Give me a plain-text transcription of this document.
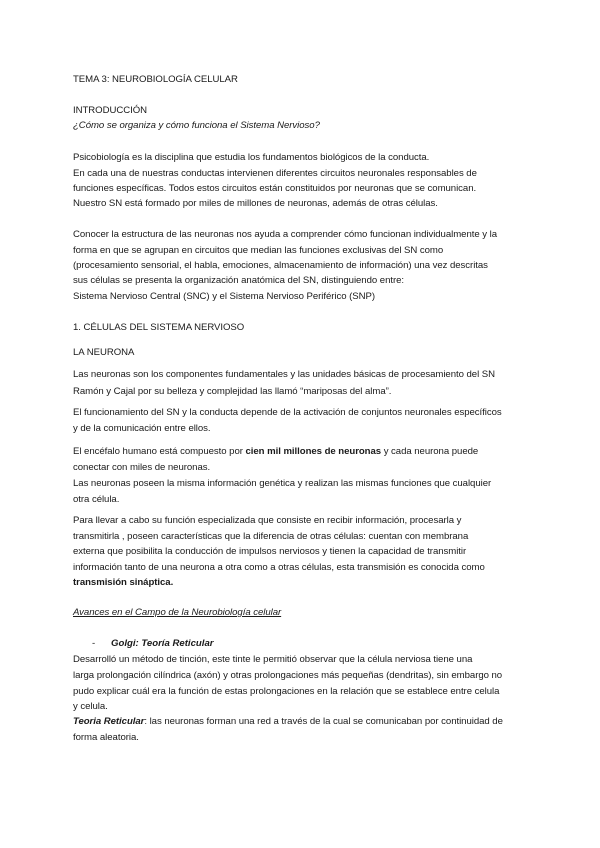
TEMA 3: NEUROBIOLOGÍA CELULAR
INTRODUCCIÓN
¿Cómo se organiza y cómo funciona el Sistema Nervioso?
Psicobiología es la disciplina que estudia los fundamentos biológicos de la conducta.
En cada una de nuestras conductas intervienen diferentes circuitos neuronales responsables de
funciones específicas. Todos estos circuitos están constituidos por neuronas que se comunican.
Nuestro SN está formado por miles de millones de neuronas, además de otras células.
Conocer la estructura de las neuronas nos ayuda a comprender cómo funcionan individualmente y la
forma en que se agrupan en circuitos que median las funciones exclusivas del SN como
(procesamiento sensorial, el habla, emociones, almacenamiento de información) una vez descritas
sus células se presenta la organización anatómica del SN, distinguiendo entre:
Sistema Nervioso Central (SNC) y el Sistema Nervioso Periférico (SNP)
1. CÉLULAS DEL SISTEMA NERVIOSO
LA NEURONA
Las neuronas son los componentes fundamentales y las unidades básicas de procesamiento del SN
Ramón y Cajal por su belleza y complejidad las llamó “mariposas del alma”.
El funcionamiento del SN y la conducta depende de la activación de conjuntos neuronales específicos
y de la comunicación entre ellos.
El encéfalo humano está compuesto por cien mil millones de neuronas y cada neurona puede
conectar con miles de neuronas.
Las neuronas poseen la misma información genética y realizan las mismas funciones que cualquier
otra célula.
Para llevar a cabo su función especializada que consiste en recibir información, procesarla y
transmitirla , poseen características que la diferencia de otras células: cuentan con membrana
externa que posibilita la conducción de impulsos nerviosos y tienen la capacidad de transmitir
información tanto de una neurona a otra como a otras células, esta transmisión es conocida como
transmisión sináptica.
Avances en el Campo de la Neurobiología celular
- Golgi: Teoría Reticular
Desarrolló un método de tinción, este tinte le permitió observar que la célula nerviosa tiene una
larga prolongación cilíndrica (axón) y otras prolongaciones más pequeñas (dendritas), sin embargo no
pudo explicar cuál era la función de estas prolongaciones en la relación que se establece entre celula
y celula.
Teoria Reticular: las neuronas forman una red a través de la cual se comunicaban por continuidad de
forma aleatoria.
